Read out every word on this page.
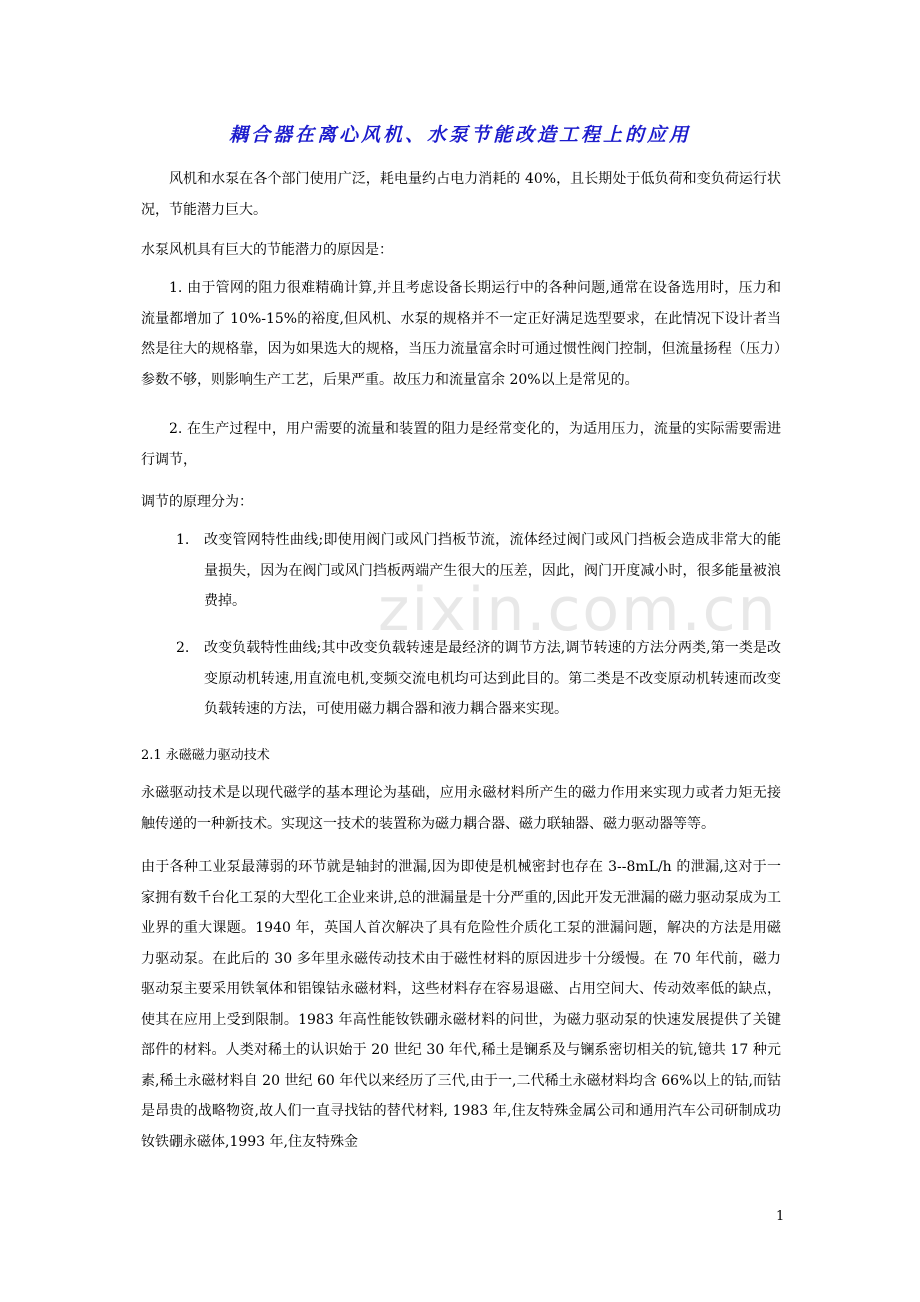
耦合器在离心风机、水泵节能改造工程上的应用
zixin.com.cn

风机和水泵在各个部门使用广泛，耗电量约占电力消耗的 40%，且长期处于低负荷和变负荷运行状况，节能潜力巨大。

水泵风机具有巨大的节能潜力的原因是：

1. 由于管网的阻力很难精确计算,并且考虑设备长期运行中的各种问题,通常在设备选用时，压力和流量都增加了 10%-15%的裕度,但风机、水泵的规格并不一定正好满足选型要求，在此情况下设计者当然是往大的规格靠，因为如果选大的规格，当压力流量富余时可通过惯性阀门控制，但流量扬程（压力）参数不够，则影响生产工艺，后果严重。故压力和流量富余 20%以上是常见的。

2. 在生产过程中，用户需要的流量和装置的阻力是经常变化的，为适用压力，流量的实际需要需进行调节，

调节的原理分为：

1. 改变管网特性曲线;即使用阀门或风门挡板节流，流体经过阀门或风门挡板会造成非常大的能量损失，因为在阀门或风门挡板两端产生很大的压差，因此，阀门开度减小时，很多能量被浪费掉。

2. 改变负载特性曲线;其中改变负载转速是最经济的调节方法,调节转速的方法分两类,第一类是改变原动机转速,用直流电机,变频交流电机均可达到此目的。第二类是不改变原动机转速而改变负载转速的方法，可使用磁力耦合器和液力耦合器来实现。

2.1 永磁磁力驱动技术

永磁驱动技术是以现代磁学的基本理论为基础，应用永磁材料所产生的磁力作用来实现力或者力矩无接触传递的一种新技术。实现这一技术的装置称为磁力耦合器、磁力联轴器、磁力驱动器等等。

由于各种工业泵最薄弱的环节就是轴封的泄漏,因为即使是机械密封也存在 3--8mL/h 的泄漏,这对于一家拥有数千台化工泵的大型化工企业来讲,总的泄漏量是十分严重的,因此开发无泄漏的磁力驱动泵成为工业界的重大课题。1940 年，英国人首次解决了具有危险性介质化工泵的泄漏问题，解决的方法是用磁力驱动泵。在此后的 30 多年里永磁传动技术由于磁性材料的原因进步十分缓慢。在 70 年代前，磁力驱动泵主要采用铁氧体和铝镍钴永磁材料，这些材料存在容易退磁、占用空间大、传动效率低的缺点，使其在应用上受到限制。1983 年高性能钕铁硼永磁材料的问世，为磁力驱动泵的快速发展提供了关键部件的材料。人类对稀土的认识始于 20 世纪 30 年代,稀土是镧系及与镧系密切相关的钪,镱共 17 种元素,稀土永磁材料自 20 世纪 60 年代以来经历了三代,由于一,二代稀土永磁材料均含 66%以上的钴,而钴是昂贵的战略物资,故人们一直寻找钴的替代材料, 1983 年,住友特殊金属公司和通用汽车公司研制成功钕铁硼永磁体,1993 年,住友特殊金

1
